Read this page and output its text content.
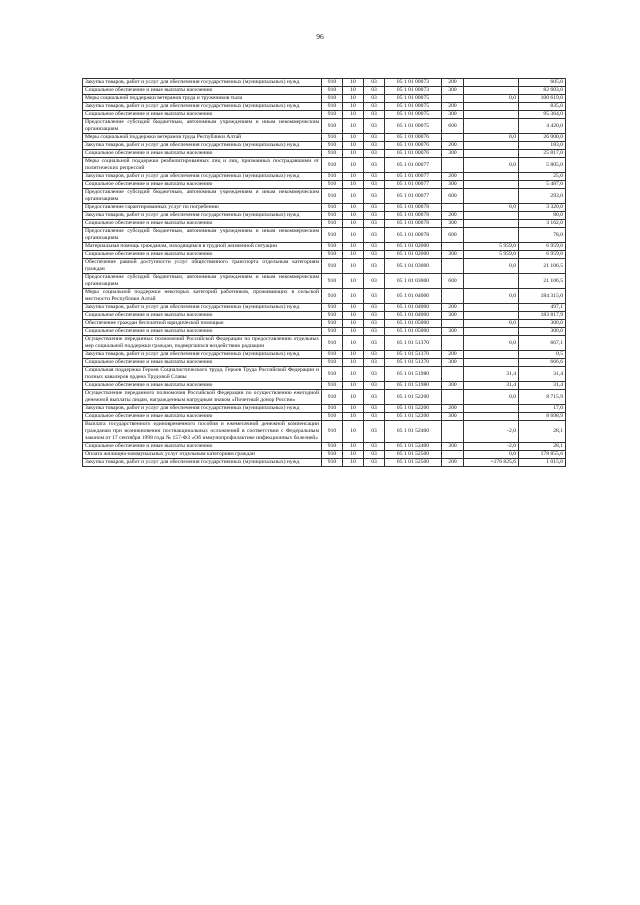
96
Закупка товаров, работ и услуг для обеспечения государственных (муниципальных) нужд	910	10	03	05 1 01 00073	200		605,0
Социальное обеспечение и иные выплаты населению	910	10	03	05 1 01 00073	300		82 603,0
Меры социальной поддержки ветеранов труда и тружеников тыла	910	10	03	05 1 01 00075		0,0	100 619,0
Закупка товаров, работ и услуг для обеспечения государственных (муниципальных) нужд	910	10	03	05 1 01 00075	200		835,0
Социальное обеспечение и иные выплаты населению	910	10	03	05 1 01 00075	300		95 364,0
Предоставление субсидий бюджетным, автономным учреждениям и иным некоммерческим организациям	910	10	03	05 1 01 00075	600		4 420,0
Меры социальной поддержки ветеранов труда Республики Алтай	910	10	03	05 1 01 00076		0,0	26 000,0
Закупка товаров, работ и услуг для обеспечения государственных (муниципальных) нужд	910	10	03	05 1 01 00076	200		183,0
Социальное обеспечение и иные выплаты населению	910	10	03	05 1 01 00076	300		25 817,0
Меры социальной поддержки реабилитированных лиц и лиц, признанных пострадавшими от политических репрессий	910	10	03	05 1 01 00077		0,0	5 805,0
Закупка товаров, работ и услуг для обеспечения государственных (муниципальных) нужд	910	10	03	05 1 01 00077	200		25,0
Социальное обеспечение и иные выплаты населению	910	10	03	05 1 01 00077	300		5 487,0
Предоставление субсидий бюджетным, автономным учреждениям и иным некоммерческим организациям	910	10	03	05 1 01 00077	600		293,0
Предоставление гарантированных услуг по погребению	910	10	03	05 1 01 00078		0,0	3 320,0
Закупка товаров, работ и услуг для обеспечения государственных (муниципальных) нужд	910	10	03	05 1 01 00078	200		80,0
Социальное обеспечение и иные выплаты населению	910	10	03	05 1 01 00078	300		3 162,0
Предоставление субсидий бюджетным, автономным учреждениям и иным некоммерческим организациям	910	10	03	05 1 01 00078	600		78,0
Материальная помощь гражданам, находящимся в трудной жизненной ситуации	910	10	03	05 1 01 02000		5 959,0	6 959,0
Социальное обеспечение и иные выплаты населению	910	10	03	05 1 01 02000	300	5 959,0	6 959,0
Обеспечение равной доступности услуг общественного транспорта отдельным категориям граждан	910	10	03	05 1 01 03000		0,0	21 106,5
Предоставление субсидий бюджетным, автономным учреждениям и иным некоммерческим организациям	910	10	03	05 1 01 03000	600		21 106,5
Меры социальной поддержки некоторых категорий работников, проживающих в сельской местности Республики Алтай	910	10	03	05 1 01 04000		0,0	184 315,0
Закупка товаров, работ и услуг для обеспечения государственных (муниципальных) нужд	910	10	03	05 1 01 04000	200		497,1
Социальное обеспечение и иные выплаты населению	910	10	03	05 1 01 04000	300		183 817,9
Обеспечение граждан бесплатной юридической помощью	910	10	03	05 1 01 05000		0,0	300,0
Социальное обеспечение и иные выплаты населению	910	10	03	05 1 01 05000	300		300,0
Осуществление переданных полномочий Российской Федерации по предоставлению отдельных мер социальной поддержки граждан, подвергшихся воздействию радиации	910	10	03	05 1 01 51370		0,0	667,1
Закупка товаров, работ и услуг для обеспечения государственных (муниципальных) нужд	910	10	03	05 1 01 51370	200		0,5
Социальное обеспечение и иные выплаты населению	910	10	03	05 1 01 51370	300		666,6
Социальная поддержка Героев Социалистического труда, Героев Труда Российской Федерации и полных кавалеров ордена Трудовой Славы	910	10	03	05 1 01 51980		31,4	31,4
Социальное обеспечение и иные выплаты населению	910	10	03	05 1 01 51980	300	31,4	31,4
Осуществление переданного полномочия Российской Федерации по осуществлению ежегодной денежной выплаты лицам, награжденным нагрудным знаком «Почетный донор России»	910	10	03	05 1 01 52200		0,0	8 715,9
Закупка товаров, работ и услуг для обеспечения государственных (муниципальных) нужд	910	10	03	05 1 01 52200	200		17,0
Социальное обеспечение и иные выплаты населению	910	10	03	05 1 01 52200	300		8 698,9
Выплата государственного единовременного пособия и ежемесячной денежной компенсации гражданам при возникновении поствакцинальных осложнений в соответствии с Федеральным законом от 17 сентября 1998 года № 157-ФЗ «Об иммунопрофилактике инфекционных болезней»	910	10	03	05 1 01 52400		-2,0	28,1
Социальное обеспечение и иные выплаты населению	910	10	03	05 1 01 52400	300	-2,0	28,1
Оплата жилищно-коммунальных услуг отдельным категориям граждан	910	10	03	05 1 01 52500		0,0	178 855,6
Закупка товаров, работ и услуг для обеспечения государственных (муниципальных) нужд	910	10	03	05 1 01 52500	200	+176 825,6	1 015,0
